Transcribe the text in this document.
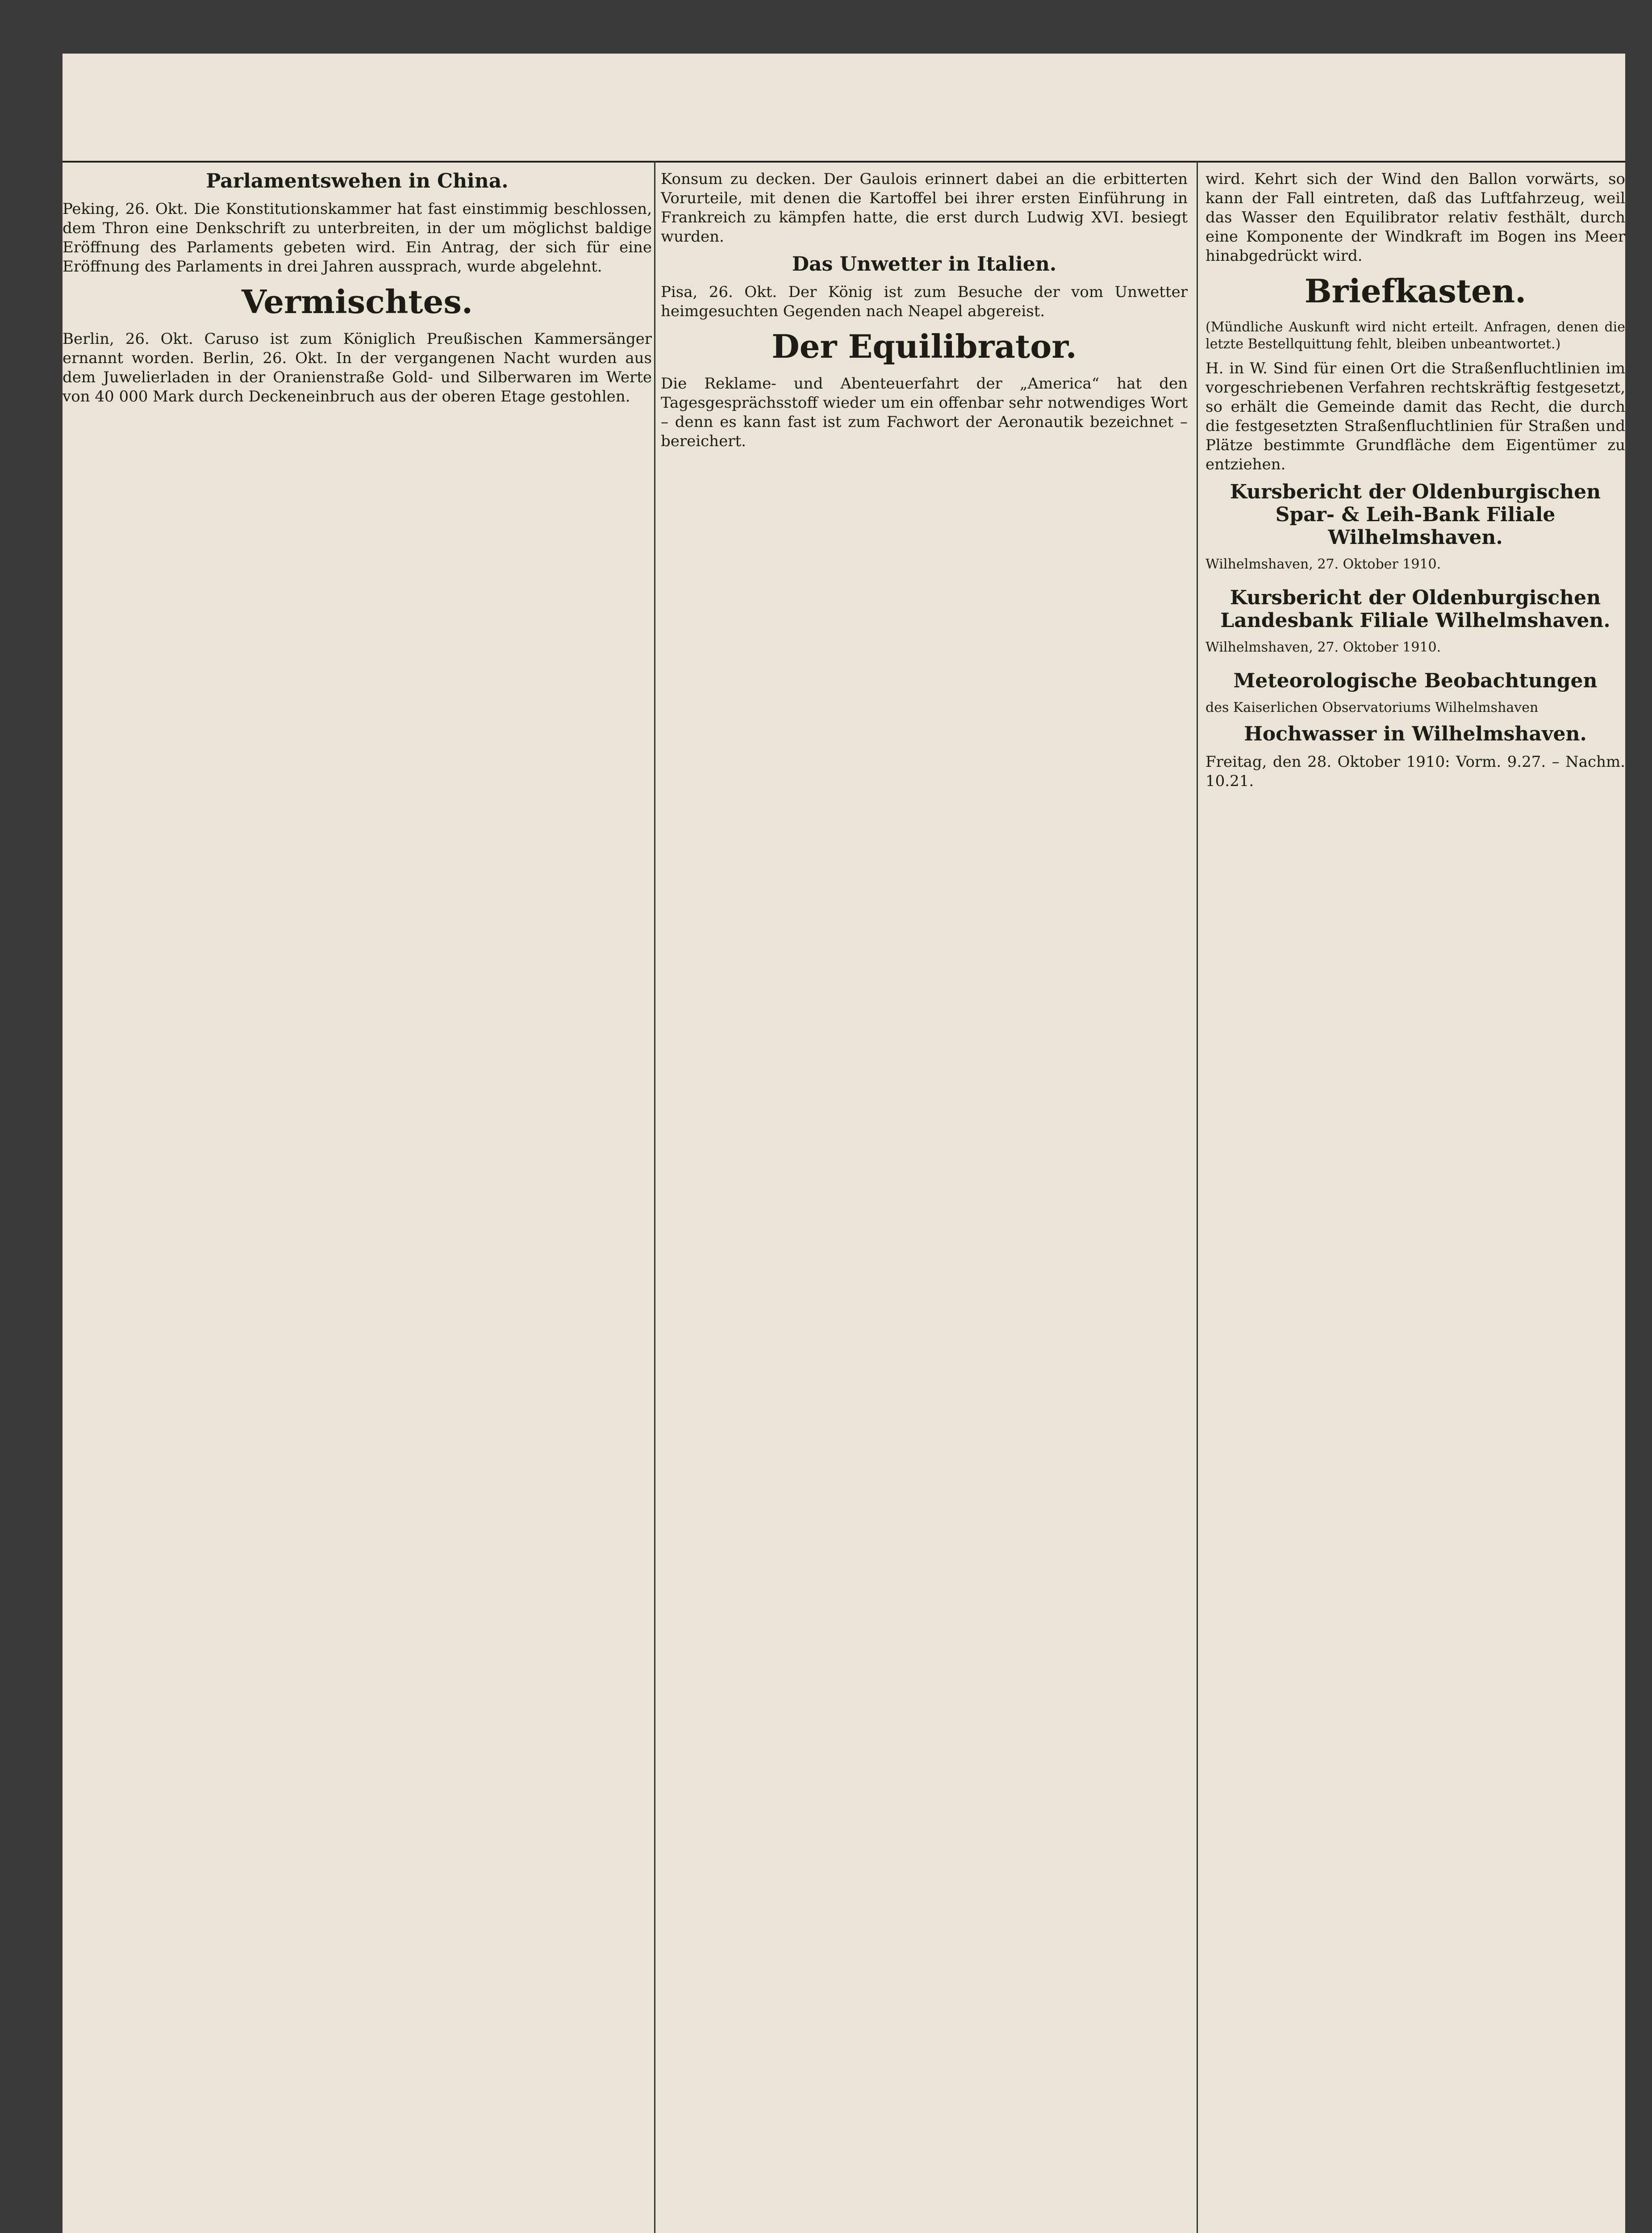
Parlamentswehen in China.

Peking, 26. Okt. Die Konstitutionskammer hat fast einstimmig beschlossen, dem Thron eine Denkschrift zu unterbreiten, in der um möglichst baldige Eröffnung des Parlaments gebeten wird. Ein Antrag, der sich für eine Eröffnung des Parlaments in drei Jahren aussprach, wurde abgelehnt.

Vermischtes.

Berlin, 26. Okt. Caruso ist zum Königlich Preußischen Kammersänger ernannt worden. Berlin, 26. Okt. In der vergangenen Nacht wurden aus dem Juwelierladen in der Oranienstraße Gold- und Silberwaren im Werte von 40 000 Mark durch Deckeneinbruch aus der oberen Etage gestohlen.

Konsum zu decken. Der Gaulois erinnert dabei an die erbitterten Vorurteile, mit denen die Kartoffel bei ihrer ersten Einführung in Frankreich zu kämpfen hatte, die erst durch Ludwig XVI. besiegt wurden.

Das Unwetter in Italien.

Pisa, 26. Okt. Der König ist zum Besuche der vom Unwetter heimgesuchten Gegenden nach Neapel abgereist.

Der Equilibrator.

Die Reklame- und Abenteuerfahrt der „America“ hat den Tagesgesprächsstoff wieder um ein offenbar sehr notwendiges Wort – denn es kann fast ist zum Fachwort der Aeronautik bezeichnet – bereichert.

wird. Kehrt sich der Wind den Ballon vorwärts, so kann der Fall eintreten, daß das Luftfahrzeug, weil das Wasser den Equilibrator relativ festhält, durch eine Komponente der Windkraft im Bogen ins Meer hinabgedrückt wird.

Briefkasten.

(Mündliche Auskunft wird nicht erteilt. Anfragen, denen die letzte Bestellquittung fehlt, bleiben unbeantwortet.)

H. in W. Sind für einen Ort die Straßenfluchtlinien im vorgeschriebenen Verfahren rechtskräftig festgesetzt, so erhält die Gemeinde damit das Recht, die durch die festgesetzten Straßenfluchtlinien für Straßen und Plätze bestimmte Grundfläche dem Eigentümer zu entziehen.

Kursbericht der Oldenburgischen Spar- & Leih-Bank Filiale Wilhelmshaven.

Wilhelmshaven, 27. Oktober 1910.

Kursbericht der Oldenburgischen Landesbank Filiale Wilhelmshaven.

Wilhelmshaven, 27. Oktober 1910.

Meteorologische Beobachtungen

des Kaiserlichen Observatoriums Wilhelmshaven

Hochwasser in Wilhelmshaven.

Freitag, den 28. Oktober 1910: Vorm. 9.27. – Nachm. 10.21.
